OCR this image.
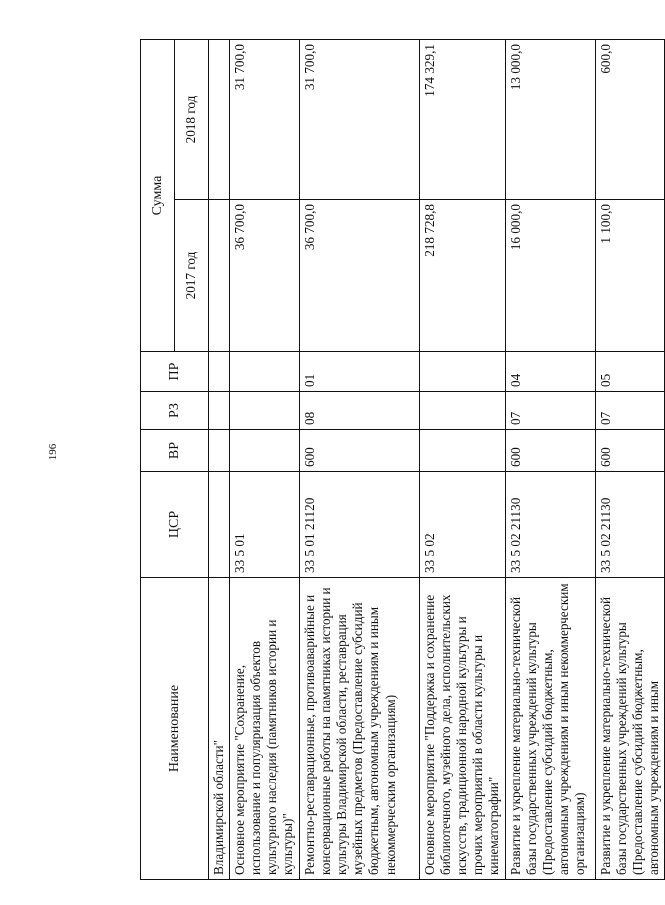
196
Наименование	ЦСР	ВР	РЗ	ПР	Сумма	
					2017 год	2018 год
Владимирской области"						
Основное мероприятие "Сохранение, использование и популяризация объектов культурного наследия (памятников истории и культуры)"	33 5 01				36 700,0	31 700,0
Ремонтно-реставрационные, противоаварийные и консервационные работы на памятниках истории и культуры Владимирской области, реставрация музейных предметов (Предоставление субсидий бюджетным, автономным учреждениям и иным некоммерческим организациям)	33 5 01 21120	600	08	01	36 700,0	31 700,0
Основное мероприятие "Поддержка и сохранение библиотечного, музейного дела, исполнительских искусств, традиционной народной культуры и прочих мероприятий в области культуры и кинематографии"	33 5 02				218 728,8	174 329,1
Развитие и укрепление материально-технической базы государственных учреждений культуры (Предоставление субсидий бюджетным, автономным учреждениям и иным некоммерческим организациям)	33 5 02 21130	600	07	04	16 000,0	13 000,0
Развитие и укрепление материально-технической базы государственных учреждений культуры (Предоставление субсидий бюджетным, автономным учреждениям и иным	33 5 02 21130	600	07	05	1 100,0	600,0
